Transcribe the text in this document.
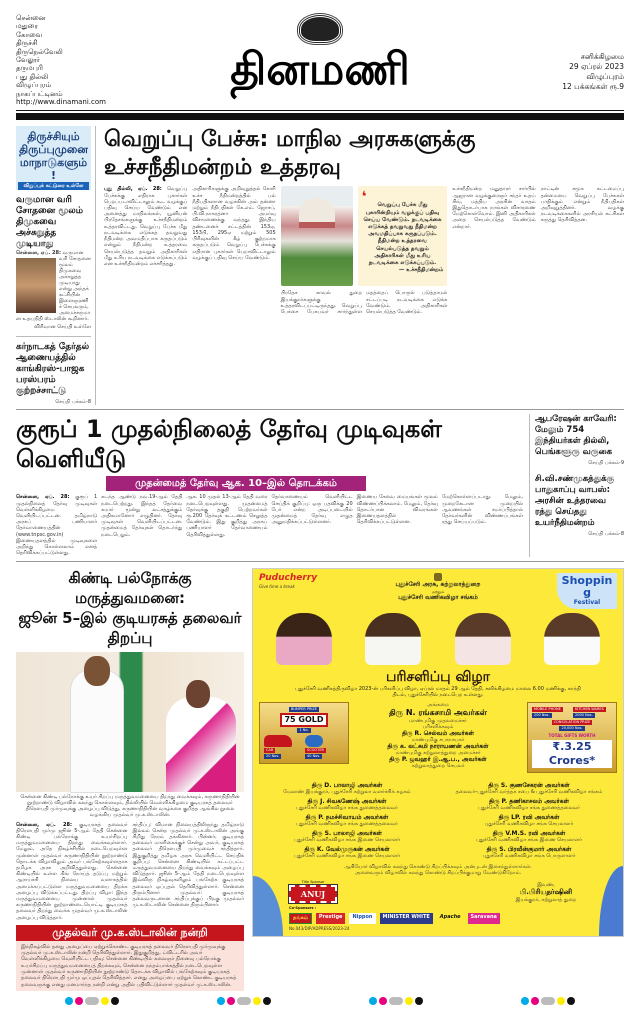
சென்னை
மதுரை
கோவை
திருச்சி
திருநெல்வேலி
வேலூர்
தருமபுரி
புது தில்லி
விழுப்புரம்
நாகப்பட்டினம்
http://www.dinamani.com
தினமணி	சனிக்கிழமை
29 ஏப்ரல் 2023
விழுப்புரம்
12 பக்கங்கள் ரூ.9
திருச்சியும் திருப்புமுனை மாநாடுகளும்!
விறுப்புக் கட்டுரை உள்ளே
வருமான வரி சோதனை மூலம் திமுகவை அச்சுறுத்த முடியாது
சென்னை, ஏப். 28: வருமான வரி சோதனை மூலம் திமுகவை அச்சுறுத்த முடியாது என்று அந்தக் கட்சியின் இளைஞரணிச் செயலரும், அமைச்சருமான உதயநிதி ஸ்டாலின் கூறினார்.
விரிவான செய்தி உள்ளே
கர்நாடகத் தேர்தல் ஆணையத்தில் காங்கிரஸ்-பாஜக பரஸ்பரம் குற்றச்சாட்டு
செய்தி பக்கம்-8
வெறுப்பு பேச்சு: மாநில அரசுகளுக்கு உச்சநீதிமன்றம் உத்தரவு
புது தில்லி, ஏப். 28: வெறுப்பு பேச்சுக்கு எதிராக புகார்கள் பெறப்படாவிட்டாலும் கூட வழக்குப் பதிவு செய்ய வேண்டும் என அனைத்து மாநிலங்கள், யூனியன் பிரதேசங்களுக்கு உச்சநீதிமன்றம் உத்தரவிட்டது. வெறுப்பு பேச்சு மீது நடவடிக்கை எடுக்கத் தவறுவது நீதிமன்ற அவமதிப்பாக கருதப்படும் என்றும் நீதிமன்ற உத்தரவை செயல்படுத்த தவறும் அதிகாரிகள் மீது உரிய நடவடிக்கை எடுக்கப்படும் என உச்சநீதிமன்றம் எச்சரித்தது.
அதிகாரிகளுக்கு அறிவுறுத்தல் கோரி உச்ச நீதிமன்றத்தில் பல் நீதிபதிகளான வழக்கின் அம் தன்னா மற்றும் நீதிபதிகள் கே.எம். ஜோசப், பி.வி.நாகரத்னா அமர்வு விசாரணைக்கு வந்தது. இந்திய தண்டனைச் சட்டத்தின் 153ஏ, 153பி, 295ஏ மற்றும் 505 பிரிவுகளின் கீழ் குற்றமாக கருதப்படும் வெறுப்பு பேச்சுக்கு எதிரான புகார்கள் பெறாவிட்டாலும் வழக்குப் பதிவு செய்ய வேண்டும்.
❛	வெறுப்பு பேச்சு மீது புகாரின்றியும் வழக்குப் பதிவு செய்ய வேண்டும். நடவடிக்கை எடுக்கத் தவறுவது நீதிமன்ற அவமதிப்பாக கருதப்படும். நீதிமன்ற உத்தரவை செயல்படுத்த தவறும் அதிகாரிகள் மீது உரிய நடவடிக்கை எடுக்கப்படும்.
— உச்சநீதிமன்றம்
பிரதேச காவல் துறை இயக்குநர்களுக்கு உத்தரவிடப்பட்டிருந்தது. வெறுப்பு பேச்சை பேசுபவர் சார்ந்துள்ள மதத்தைப் பொருள் படுத்தாமல் சட்டப்படி நடவடிக்கை எடுக்க வேண்டும். அதிகாரிகள் செயல்படுத்த வேண்டும்.
உச்சநீதிமன்ற மனுதாரர் சார்பில் ஆஜரான வழக்குரைஞர் சந்தர் உதய் சிங், மத்திய அரசின் வாதம் இதுதொடர்பாக நாங்கள் விசாரணை மேற்கொள்வோம். இனி அதிகாரிகள் அதை செயல்படுத்த வேண்டும் என்றார்.
நாட்டின் சமூக கட்டமைப்பு தன்மையை வெறுப்பு பேச்சுகள் பாதிக்கும் என்றும் நீதிபதிகள் அறிவுறுத்தினர். வழக்கு நடவடிக்கைகளில் அரசியல் கட்சிகள் கருத்து தெரிவித்தன.
குரூப் 1 முதல்நிலைத் தேர்வு முடிவுகள் வெளியீடு
முதன்மைத் தேர்வு ஆக. 10–இல் தொடக்கம்
சென்னை, ஏப். 28: குரூப் 1 முதல்நிலைத் தேர்வு முடிவுகள் வெள்ளிக்கிழமை வெளியிடப்பட்டன. தமிழ்நாடு அரசுப் பணியாளர் தேர்வாணையத்தின் (www.tnpsc.gov.in) இணையதளத்தில் முடிவுகளை அறிந்து கொள்ளலாம் எனத் தெரிவிக்கப்பட்டுள்ளது.
கடந்த ஆண்டு நவ.19-ஆம் தேதி நடைபெற்றது. இந்தத் தேர்வை சுமார் மூன்று லட்சத்துக்கும் அதிகமானோர் எழுதினர். தேர்வு முடிவுகள் வெளியிடப்பட்டன. முதன்மைத் தேர்வுகள் தொடர்ந்து நடைபெறும்.
ஆக. 10 முதல் 13-ஆம் தேதி வரை நடைபெறவுள்ளது. முதன்மைத் தேர்வுக்கு தகுதி பெற்றவர்கள் ரூ.200 தேர்வுக் கட்டணம் செலுத்த வேண்டும். இது குறித்து அரசுப் பணியாளர் தேர்வாணையம் தெரிவித்துள்ளது.
தேர்வாணையம் வெளியிட்ட செய்திக் குறிப்பு: ஒரு பதவிக்கு 20 பேர் என்ற அடிப்படையில் முதன்மைத் தேர்வு எழுத அனுமதிக்கப்பட்டுள்ளனர்.
இணைய சேவை மையங்கள் மூலம் விண்ணப்பிக்கலாம். மேலும், தேர்வு தொடர்பான விவரங்கள் இணையதளத்தில் தெரிவிக்கப்பட்டுள்ளன.
மேற்கொள்ளப்படாது. மேலும், முறைகேடான முறையில் ஆவணங்கள் சமர்ப்பித்தால் தேர்வர்களின் விண்ணப்பங்கள் ரத்து செய்யப்படும்.
ஆபரேஷன் காவேரி: மேலும் 754 இந்தியர்கள் தில்லி, பெங்களூரு வருகை
செய்தி பக்கம்-9
சி.வி.சண்முகத்துக்கு பாதுகாப்பு வாபஸ்: அரசின் உத்தரவை ரத்து செய்தது உயர்நீதிமன்றம்
செய்தி பக்கம்-8
கிண்டி பல்நோக்கு மருத்துவமனை:
ஜூன் 5–இல் குடியரசுத் தலைவர் திறப்பு
சென்னை கிண்டி பல்நோக்கு உயர் சிறப்பு மருத்துவமனையை திறந்து வைக்கவும், கருணாநிதியின் நூற்றாண்டு விழாவில் கலந்து கொள்ளவும், தில்லியில் வெள்ளிக்கிழமை குடியரசுத் தலைவர் திரௌபதி முர்முவுக்கு அழைப்பு விடுத்து, கருணாநிதியின் வாழ்க்கை குறித்த ஆங்கில நூலை வழங்கிய முதல்வர் மு.க.ஸ்டாலின்.
சென்னை, ஏப். 28: குடியரசுத் தலைவர் திரௌபதி முர்மு ஜூன் 5-ஆம் தேதி சென்னை கிண்டி பல்நோக்கு உயர்சிறப்பு மருத்துவமனையை திறந்து வைக்கவுள்ளார். மேலும், அதே நிகழ்ச்சியில் நடைபெறவுள்ள முன்னாள் முதல்வர் கருணாநிதியின் நூற்றாண்டு தொடக்க விழாவிலும் அவர் பங்கேற்கவுள்ளதாக தமிழக அரசு அறிவித்துள்ளது. சென்னை கிண்டியில் உள்ள கிங் நோய்த் தடுப்பு மற்றும் ஆராய்ச்சி நிலைய வளாகத்தில் அமைக்கப்பட்டுள்ள மருத்துவமனையை திறக்க அழைப்பு விடுக்கப்பட்டது. திறப்பு விழா: இந்த மருத்துவமனையை முன்னாள் முதல்வர் கருணாநிதியின் நூற்றாண்டையொட்டி குடியரசுத் தலைவர் திறந்து வைக்க முதல்வர் மு.க.ஸ்டாலின் அழைப்பு விடுத்தார்.
சந்திப்பு: விமான நிலையத்திலிருந்து தமிழ்நாடு இல்லம் சென்ற முதல்வர் மு.க.ஸ்டாலின் அங்கு சிறிது நேரம் தங்கினார். பின்னர், குடியரசுத் தலைவர் மாளிகைக்குச் சென்று அவர், குடியரசுத் தலைவர் திரௌபதி முர்முவைச் சந்தித்தார். இதுகுறித்து தமிழக அரசு வெளியிட்ட செய்திக் குறிப்பு: சென்னை கிண்டியில் கட்டப்பட்ட மருத்துவமனையை திறந்து வைக்கவும் அழைப்பு விடுத்தார். ஜூன் 5-ஆம் தேதி நடைபெறவுள்ள இவ்விரு நிகழ்வுகளிலும் பங்கேற்க குடியரசுத் தலைவர் ஒப்புதல் தெரிவித்துள்ளார். சென்னை திரும்பினார் முதல்வர்: குடியரசுத் தலைவருடனான சந்திப்புக்குப் பிறகு முதல்வர் மு.க.ஸ்டாலின் சென்னை திரும்பினார்.
முதல்வர் மு.க.ஸ்டாலின் நன்றி
இந்நிகழ்வில் தனது அழைப்பை ஏற்றுக்கொண்ட குடியரசுத் தலைவர் திரௌபதி முர்முவுக்கு முதல்வர் மு.க.ஸ்டாலின் நன்றி தெரிவித்துள்ளார். இதுகுறித்து, ட்விட்டரில் அவர் வெள்ளிக்கிழமை வெளியிட்ட பதிவு: சென்னை கிண்டியில் கலைஞர் நினைவு பல்நோக்கு உயர்சிறப்பு மருத்துவமனையைத் திறக்கவும், சென்னை நந்தம்பாக்கத்தில் நடைபெறவுள்ள முன்னாள் முதல்வர் கருணாநிதியின் நூற்றாண்டு தொடக்க விழாவில் பங்கேற்கவும் குடியரசுத் தலைவர் திரௌபதி முர்மு ஒப்புதல் தெரிவித்தார். எனது அழைப்பை ஏற்றுக் கொண்ட குடியரசுத் தலைவருக்கு எனது மனமார்ந்த நன்றி என்று அதில் பதிவிட்டுள்ளார் முதல்வர் மு.க.ஸ்டாலின்.
Puducherry
Give time a break	புதுச்சேரி அரசு, சுற்றுலாத்துறை
மற்றும்
புதுச்சேரி வணிகவிழா சங்கம்
Shopping
Festival
பரிசளிப்பு விழா
புதுச்சேரி வணிகத்திருவிழா 2023-ன் பரிசளிப்பு விழா, ஏப்ரல் மாதம் 29 ஆம் தேதி, சனிக்கிழமை மாலை 6.00 மணிக்கு, காந்தி திடல், புதுச்சேரியில் நடைபெற உள்ளது.
BUMPER PRIZE
75 GOLD
1 No.
CAR
20 Nos.
SCOOTER
40 Nos.
அங்கமை
திரு N. ரங்கசாமி அவர்கள்
மாண்புமிகு முதலமைச்சர்
பரிசளிக்கவும்
திரு R. செல்வம் அவர்கள்
மாண்புமிகு சபாநாயகர்
திரு க. லட்சுமி நாராயணன் அவர்கள்
மாண்புமிகு சுற்றுலாத்துறை அமைச்சர்
திரு P. ஜவஹர் இ.ஆ.ப., அவர்கள்
சுற்றுலாத்துறை செயலர்
MOBILE PHONE
200 Nos.
KITCHEN WARES
2000 Nos.
CONSOLATION PRIZE
20,000 Nos.
TOTAL GIFTS WORTH
₹.3.25 Crores*
திரு D. பாலாஜி அவர்கள்
மேலாண் இயக்குநர், புதுச்சேரி சுற்றுலா வளர்ச்சிக் கழகம்
திரு J. சிவகணேஷ் அவர்கள்
புதுச்சேரி வணிகவிழா சங்க துணைத்தலைவர்
திரு P. நமச்சிவாயம் அவர்கள்
புதுச்சேரி வணிகவிழா சங்க துணைத்தலைவர்
திரு S. பாலாஜி அவர்கள்
புதுச்சேரி வணிகவிழா சங்க இணை செயலாளர்
திரு K. வேல்முருகன் அவர்கள்
புதுச்சேரி வணிகவிழா சங்க இணை செயலாளர்
திரு S. குணசேகரன் அவர்கள்
தலைவர்-புதுச்சேரி வர்த்தக சபை & புதுச்சேரி வணிகவிழா சங்கம்
திரு P. தணிகாசலம் அவர்கள்
புதுச்சேரி வணிகவிழா சங்க துணைத்தலைவர்
திரு LP. ரவி அவர்கள்
புதுச்சேரி வணிகவிழா சங்க செயலாளர்
திரு V.M.S. ரவி அவர்கள்
புதுச்சேரி வணிகவிழா சங்க இணை செயலாளர்
திரு S. பிரவீன்குமார் அவர்கள்
புதுச்சேரி வணிகவிழா சங்க பொருளாளர்
ஆகியோர் விழாவில் கலந்து கொண்டு சிறப்பிக்கவும் அன்புடன் இசைந்துள்ளார்கள்.
அனைவரும் விழாவில் கலந்து கொண்டு சிறப்பிக்குமாறு வேண்டுகிறோம்.
Title Sponsor
ANUJ
இவண்,
பி.பிரியதர்ஷினி
இயக்குநர், சுற்றுலாத் துறை
Co-Sponsors :
தங்கம்	Prestige	Nippon	MINISTER WHITE	Apache	Saravana
No.043/DIP/ADPRESS/2023-24
